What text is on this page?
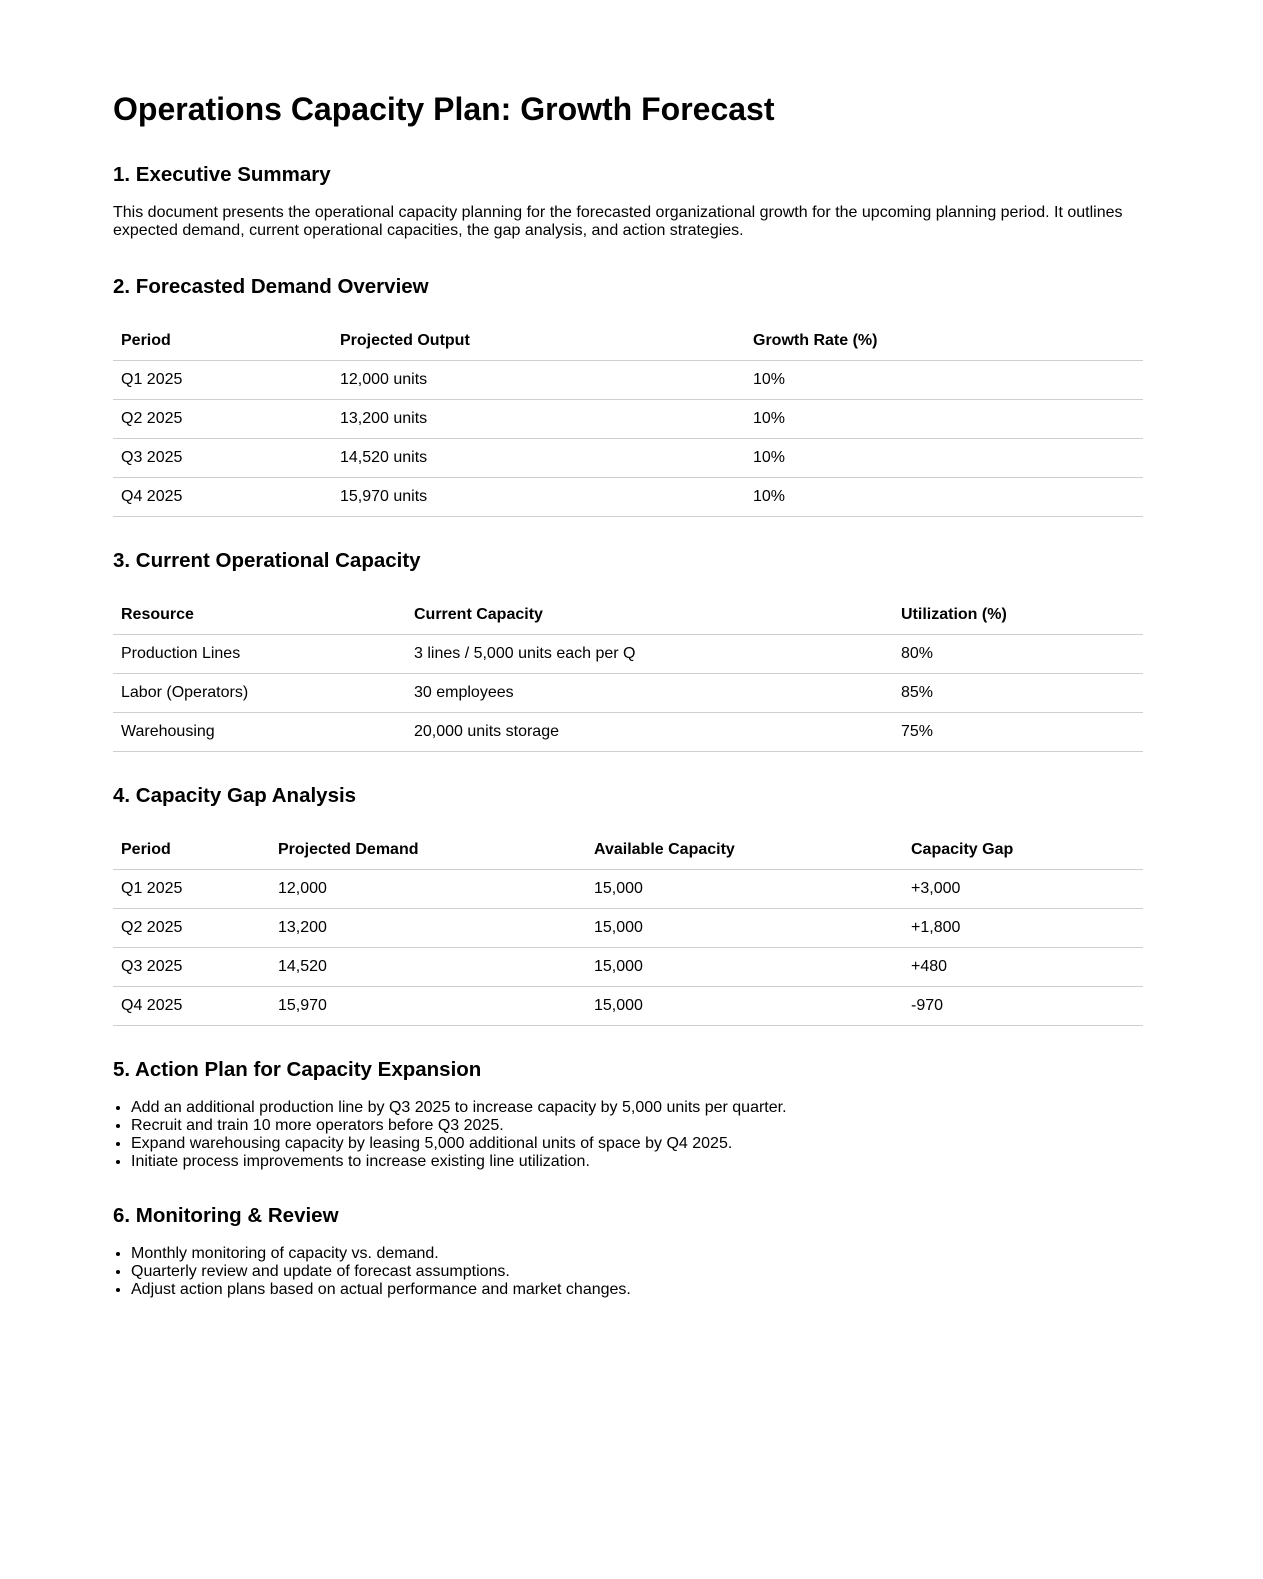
Operations Capacity Plan: Growth Forecast
1. Executive Summary

This document presents the operational capacity planning for the forecasted organizational growth for the upcoming planning period. It outlines expected demand, current operational capacities, the gap analysis, and action strategies.

2. Forecasted Demand Overview
Period	Projected Output	Growth Rate (%)
Q1 2025	12,000 units	10%
Q2 2025	13,200 units	10%
Q3 2025	14,520 units	10%
Q4 2025	15,970 units	10%
3. Current Operational Capacity
Resource	Current Capacity	Utilization (%)
Production Lines	3 lines / 5,000 units each per Q	80%
Labor (Operators)	30 employees	85%
Warehousing	20,000 units storage	75%
4. Capacity Gap Analysis
Period	Projected Demand	Available Capacity	Capacity Gap
Q1 2025	12,000	15,000	+3,000
Q2 2025	13,200	15,000	+1,800
Q3 2025	14,520	15,000	+480
Q4 2025	15,970	15,000	-970
5. Action Plan for Capacity Expansion
• Add an additional production line by Q3 2025 to increase capacity by 5,000 units per quarter.
• Recruit and train 10 more operators before Q3 2025.
• Expand warehousing capacity by leasing 5,000 additional units of space by Q4 2025.
• Initiate process improvements to increase existing line utilization.
6. Monitoring & Review
• Monthly monitoring of capacity vs. demand.
• Quarterly review and update of forecast assumptions.
• Adjust action plans based on actual performance and market changes.
